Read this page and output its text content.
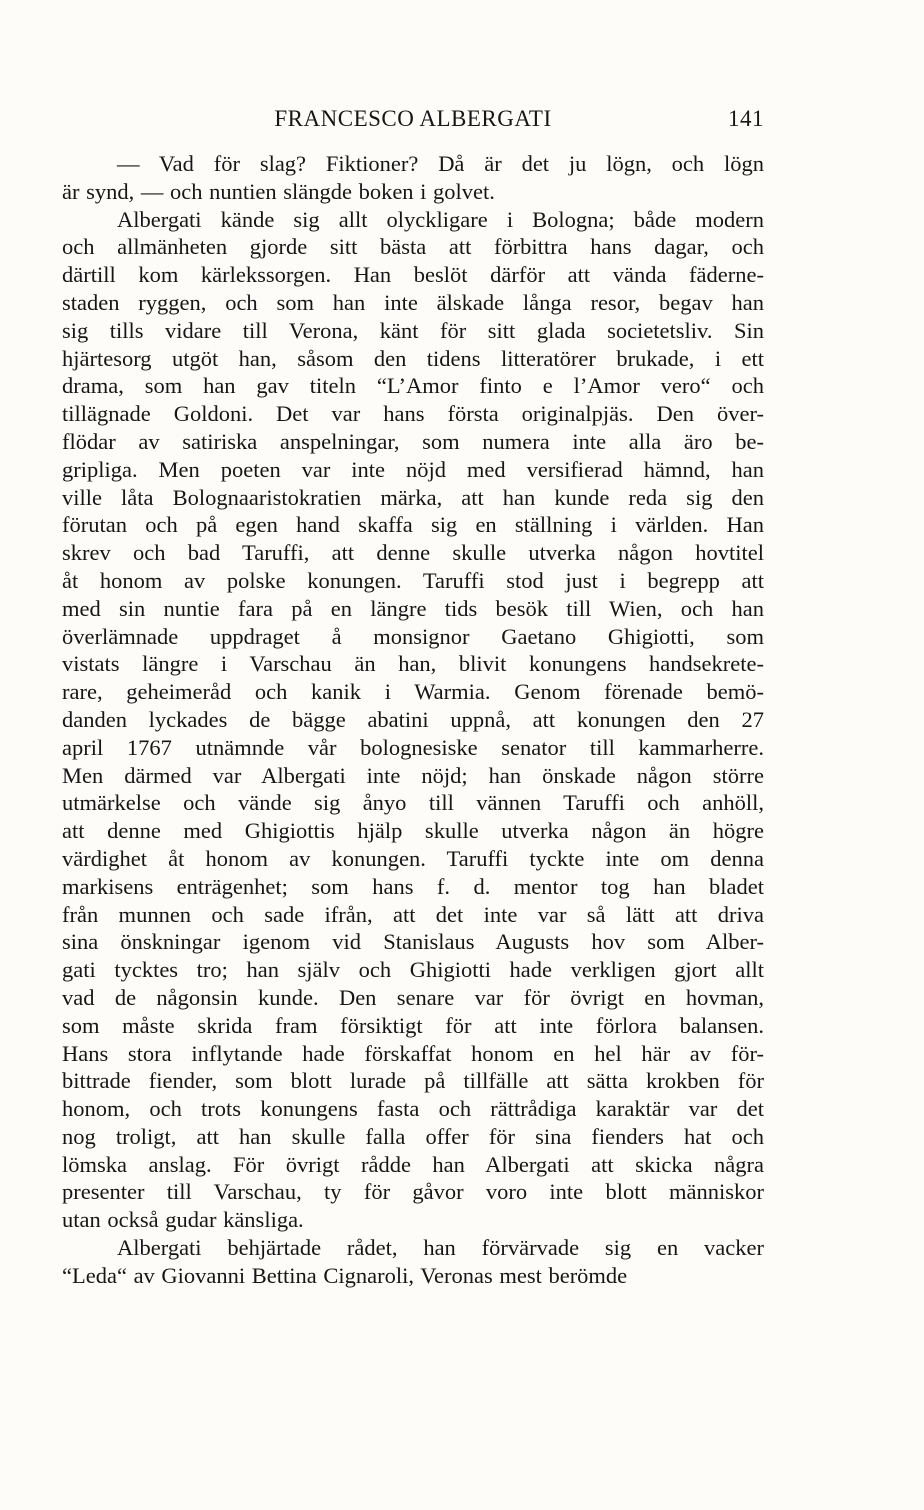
FRANCESCO ALBERGATI	141

— Vad för slag? Fiktioner? Då är det ju lögn, och lögn
är synd, — och nuntien slängde boken i golvet.

Albergati kände sig allt olyckligare i Bologna; både modern
och allmänheten gjorde sitt bästa att förbittra hans dagar, och
därtill kom kärlekssorgen. Han beslöt därför att vända fäderne-
staden ryggen, och som han inte älskade långa resor, begav han
sig tills vidare till Verona, känt för sitt glada societetsliv. Sin
hjärtesorg utgöt han, såsom den tidens litteratörer brukade, i ett
drama, som han gav titeln “L’Amor finto e l’Amor vero“ och
tillägnade Goldoni. Det var hans första originalpjäs. Den över-
flödar av satiriska anspelningar, som numera inte alla äro be-
gripliga. Men poeten var inte nöjd med versifierad hämnd, han
ville låta Bolognaaristokratien märka, att han kunde reda sig den
förutan och på egen hand skaffa sig en ställning i världen. Han
skrev och bad Taruffi, att denne skulle utverka någon hovtitel
åt honom av polske konungen. Taruffi stod just i begrepp att
med sin nuntie fara på en längre tids besök till Wien, och han
överlämnade uppdraget å monsignor Gaetano Ghigiotti, som
vistats längre i Varschau än han, blivit konungens handsekrete-
rare, geheimeråd och kanik i Warmia. Genom förenade bemö-
danden lyckades de bägge abatini uppnå, att konungen den 27
april 1767 utnämnde vår bolognesiske senator till kammarherre.
Men därmed var Albergati inte nöjd; han önskade någon större
utmärkelse och vände sig ånyo till vännen Taruffi och anhöll,
att denne med Ghigiottis hjälp skulle utverka någon än högre
värdighet åt honom av konungen. Taruffi tyckte inte om denna
markisens enträgenhet; som hans f. d. mentor tog han bladet
från munnen och sade ifrån, att det inte var så lätt att driva
sina önskningar igenom vid Stanislaus Augusts hov som Alber-
gati tycktes tro; han själv och Ghigiotti hade verkligen gjort allt
vad de någonsin kunde. Den senare var för övrigt en hovman,
som måste skrida fram försiktigt för att inte förlora balansen.
Hans stora inflytande hade förskaffat honom en hel här av för-
bittrade fiender, som blott lurade på tillfälle att sätta krokben för
honom, och trots konungens fasta och rättrådiga karaktär var det
nog troligt, att han skulle falla offer för sina fienders hat och
lömska anslag. För övrigt rådde han Albergati att skicka några
presenter till Varschau, ty för gåvor voro inte blott människor
utan också gudar känsliga.

Albergati behjärtade rådet, han förvärvade sig en vacker
“Leda“ av Giovanni Bettina Cignaroli, Veronas mest berömde
